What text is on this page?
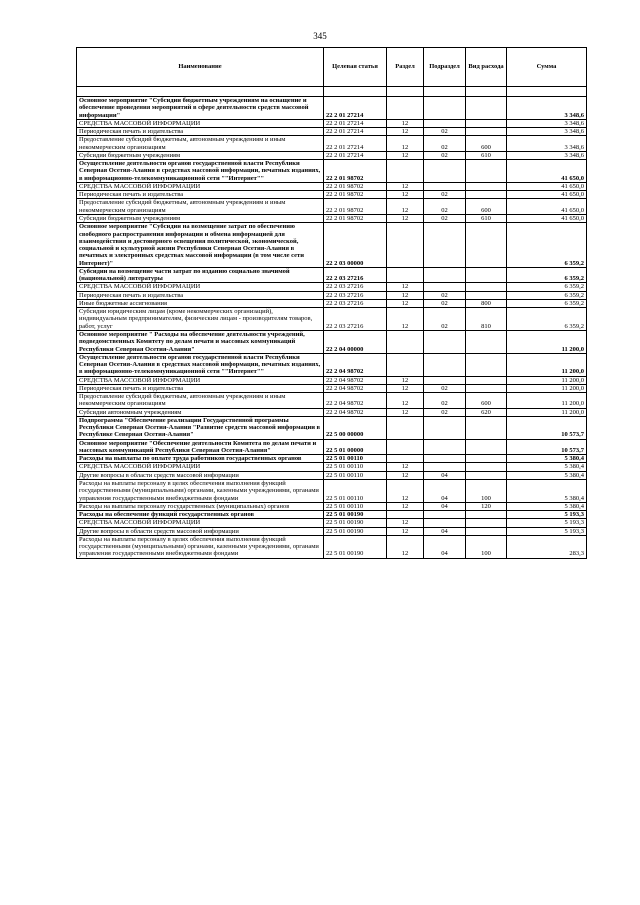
345
Наименование	Целевая статья	Раздел	Подраздел	Вид расхода	Сумма

Основное мероприятие "Субсидии бюджетным учреждениям на оснащение и обеспечение проведения мероприятий в сфере деятельности средств массовой информации"	22 2 01 27214				3 348,6
СРЕДСТВА МАССОВОЙ ИНФОРМАЦИИ	22 2 01 27214	12			3 348,6
Периодическая печать и издательства	22 2 01 27214	12	02		3 348,6
Предоставление субсидий бюджетным, автономным учреждениям и иным некоммерческим организациям	22 2 01 27214	12	02	600	3 348,6
Субсидии бюджетным учреждениям	22 2 01 27214	12	02	610	3 348,6
Осуществление деятельности органов государственной власти Республики Северная Осетия-Алания в средствах массовой информации, печатных изданиях, в информационно-телекоммуникационной сети ""Интернет""	22 2 01 98702				41 650,0
СРЕДСТВА МАССОВОЙ ИНФОРМАЦИИ	22 2 01 98702	12			41 650,0
Периодическая печать и издательства	22 2 01 98702	12	02		41 650,0
Предоставление субсидий бюджетным, автономным учреждениям и иным некоммерческим организациям	22 2 01 98702	12	02	600	41 650,0
Субсидии бюджетным учреждениям	22 2 01 98702	12	02	610	41 650,0
Основное мероприятие "Субсидии на возмещение затрат по обеспечению свободного распространения информации и обмена информацией для взаимодействия и достоверного освещения политической, экономической, социальной и культурной жизни Республики Северная Осетия-Алания в печатных и электронных средствах массовой информации (в том числе сети Интернет)"	22 2 03 00000				6 359,2
Субсидии на возмещение части затрат по изданию социально значимой (национальной) литературы	22 2 03 27216				6 359,2
СРЕДСТВА МАССОВОЙ ИНФОРМАЦИИ	22 2 03 27216	12			6 359,2
Периодическая печать и издательства	22 2 03 27216	12	02		6 359,2
Иные бюджетные ассигнования	22 2 03 27216	12	02	800	6 359,2
Субсидии юридическим лицам (кроме некоммерческих организаций), индивидуальным предпринимателям, физическим лицам - производителям товаров, работ, услуг	22 2 03 27216	12	02	810	6 359,2
Основное мероприятие " Расходы на обеспечение деятельности учреждений, подведомственных Комитету по делам печати и массовых коммуникаций Республики Северная Осетия-Алания"	22 2 04 00000				11 200,0
Осуществление деятельности органов государственной власти Республики Северная Осетия-Алания в средствах массовой информации, печатных изданиях, в информационно-телекоммуникационной сети ""Интернет""	22 2 04 98702				11 200,0
СРЕДСТВА МАССОВОЙ ИНФОРМАЦИИ	22 2 04 98702	12			11 200,0
Периодическая печать и издательства	22 2 04 98702	12	02		11 200,0
Предоставление субсидий бюджетным, автономным учреждениям и иным некоммерческим организациям	22 2 04 98702	12	02	600	11 200,0
Субсидии автономным учреждениям	22 2 04 98702	12	02	620	11 200,0
Подпрограмма "Обеспечение реализации Государственной программы Республики Северная Осетия-Алания "Развитие средств массовой информации в Республике Северная Осетия-Алания"	22 5 00 00000				10 573,7
Основное мероприятие "Обеспечение деятельности Комитета по делам печати и массовых коммуникаций Республики Северная Осетия-Алания"	22 5 01 00000				10 573,7
Расходы на выплаты по оплате труда работников государственных органов	22 5 01 00110				5 380,4
СРЕДСТВА МАССОВОЙ ИНФОРМАЦИИ	22 5 01 00110	12			5 380,4
Другие вопросы в области средств массовой информации	22 5 01 00110	12	04		5 380,4
Расходы на выплаты персоналу в целях обеспечения выполнения функций государственными (муниципальными) органами, казенными учреждениями, органами управления государственными внебюджетными фондами	22 5 01 00110	12	04	100	5 380,4
Расходы на выплаты персоналу государственных (муниципальных) органов	22 5 01 00110	12	04	120	5 380,4
Расходы на обеспечение функций государственных органов	22 5 01 00190				5 193,3
СРЕДСТВА МАССОВОЙ ИНФОРМАЦИИ	22 5 01 00190	12			5 193,3
Другие вопросы в области средств массовой информации	22 5 01 00190	12	04		5 193,3
Расходы на выплаты персоналу в целях обеспечения выполнения функций государственными (муниципальными) органами, казенными учреждениями, органами управления государственными внебюджетными фондами	22 5 01 00190	12	04	100	283,3
